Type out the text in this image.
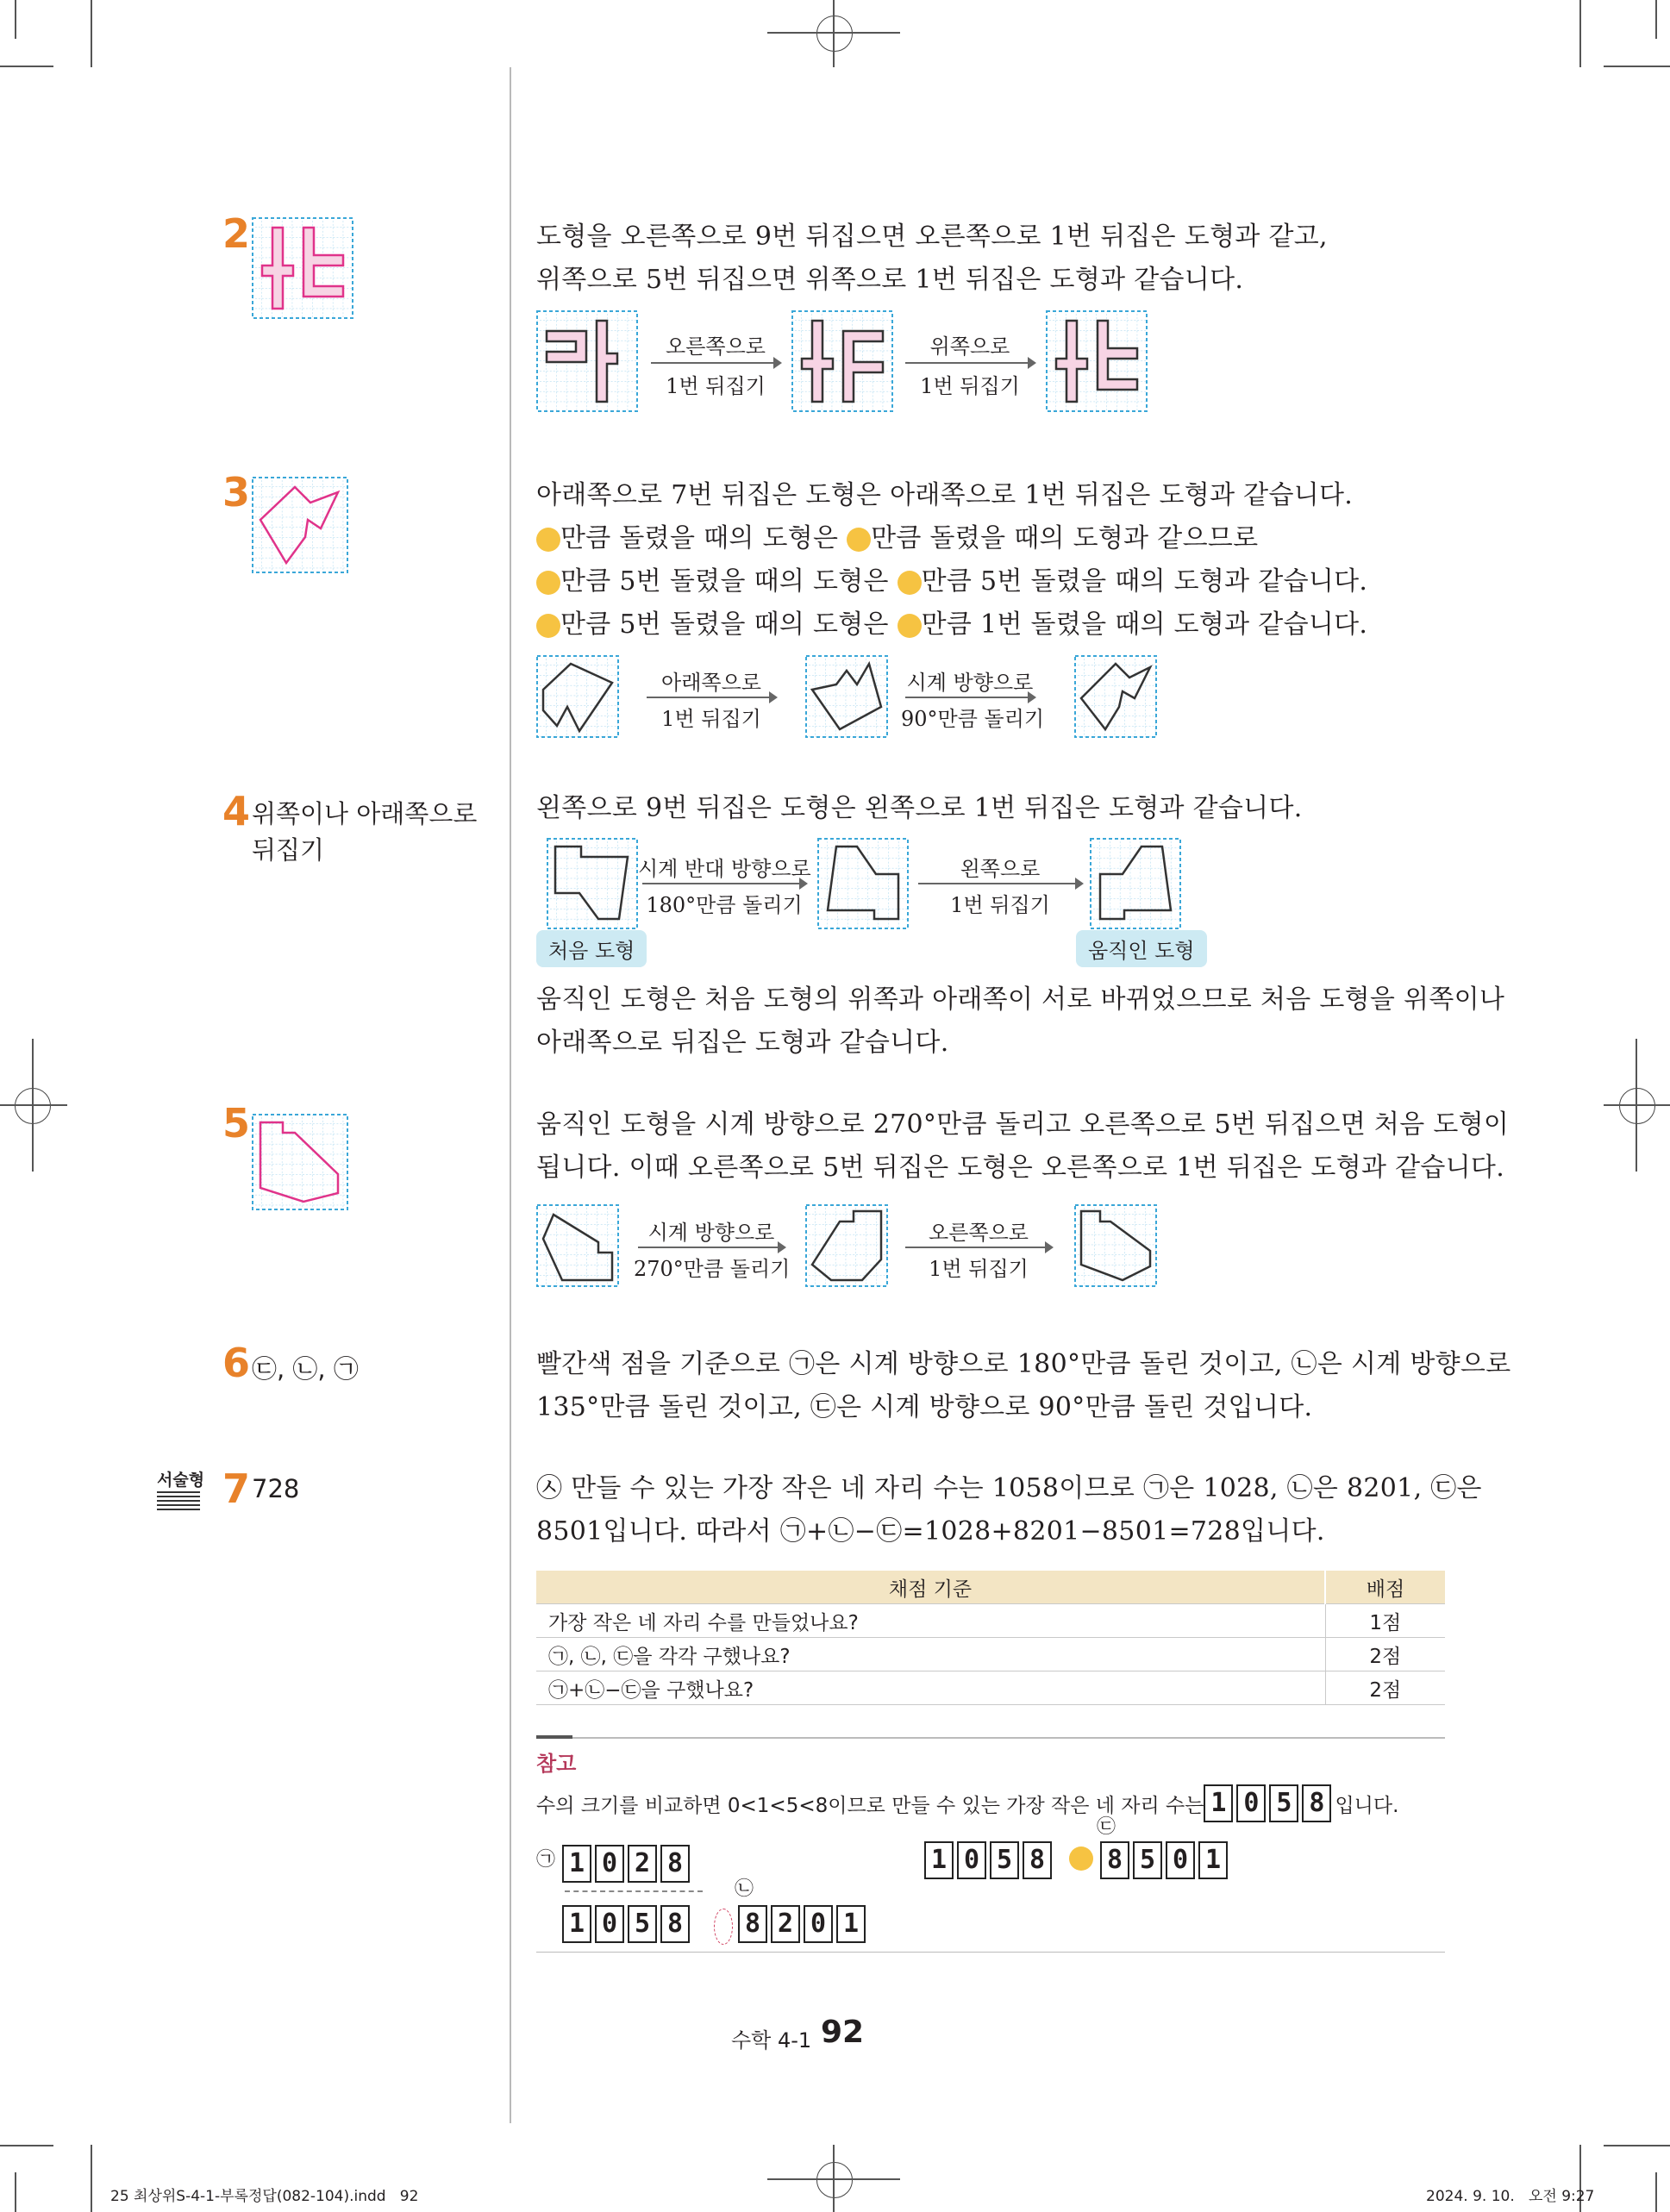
2	도형을 오른쪽으로 9번 뒤집으면 오른쪽으로 1번 뒤집은 도형과 같고,
위쪽으로 5번 뒤집으면 위쪽으로 1번 뒤집은 도형과 같습니다.
오른쪽으로
1번 뒤집기
위쪽으로
1번 뒤집기
3	아래쪽으로 7번 뒤집은 도형은 아래쪽으로 1번 뒤집은 도형과 같습니다.
만큼 돌렸을 때의 도형은 만큼 돌렸을 때의 도형과 같으므로
만큼 5번 돌렸을 때의 도형은 만큼 5번 돌렸을 때의 도형과 같습니다.
만큼 5번 돌렸을 때의 도형은 만큼 1번 돌렸을 때의 도형과 같습니다.
아래쪽으로
1번 뒤집기
시계 방향으로
90°만큼 돌리기
4 위쪽이나 아래쪽으로
뒤집기
왼쪽으로 9번 뒤집은 도형은 왼쪽으로 1번 뒤집은 도형과 같습니다.
시계 반대 방향으로
180°만큼 돌리기
왼쪽으로
1번 뒤집기
처음 도형	움직인 도형
움직인 도형은 처음 도형의 위쪽과 아래쪽이 서로 바뀌었으므로 처음 도형을 위쪽이나
아래쪽으로 뒤집은 도형과 같습니다.
5	움직인 도형을 시계 방향으로 270°만큼 돌리고 오른쪽으로 5번 뒤집으면 처음 도형이
됩니다. 이때 오른쪽으로 5번 뒤집은 도형은 오른쪽으로 1번 뒤집은 도형과 같습니다.
시계 방향으로
270°만큼 돌리기
오른쪽으로
1번 뒤집기
6 ㉢, ㉡, ㉠	빨간색 점을 기준으로 ㉠은 시계 방향으로 180°만큼 돌린 것이고, ㉡은 시계 방향으로
135°만큼 돌린 것이고, ㉢은 시계 방향으로 90°만큼 돌린 것입니다.
서술형 7 728	㉦ 만들 수 있는 가장 작은 네 자리 수는 1058이므로 ㉠은 1028, ㉡은 8201, ㉢은
8501입니다. 따라서 ㉠+㉡−㉢=1028+8201−8501=728입니다.
채점 기준	배점
가장 작은 네 자리 수를 만들었나요?	1점
㉠, ㉡, ㉢을 각각 구했나요?	2점
㉠+㉡−㉢을 구했나요?	2점
참고
수의 크기를 비교하면 0<1<5<8이므로 만들 수 있는 가장 작은 네 자리 수는 1 0 5 8 입니다.
㉠ 1 0 2 8
㉡
1 0 5 8	8 2 0 1
㉢
1 0 5 8	8 5 0 1
수학 4-1 92
25 최상위S-4-1-부록정답(082-104).indd   92	2024. 9. 10.   오전 9:27
